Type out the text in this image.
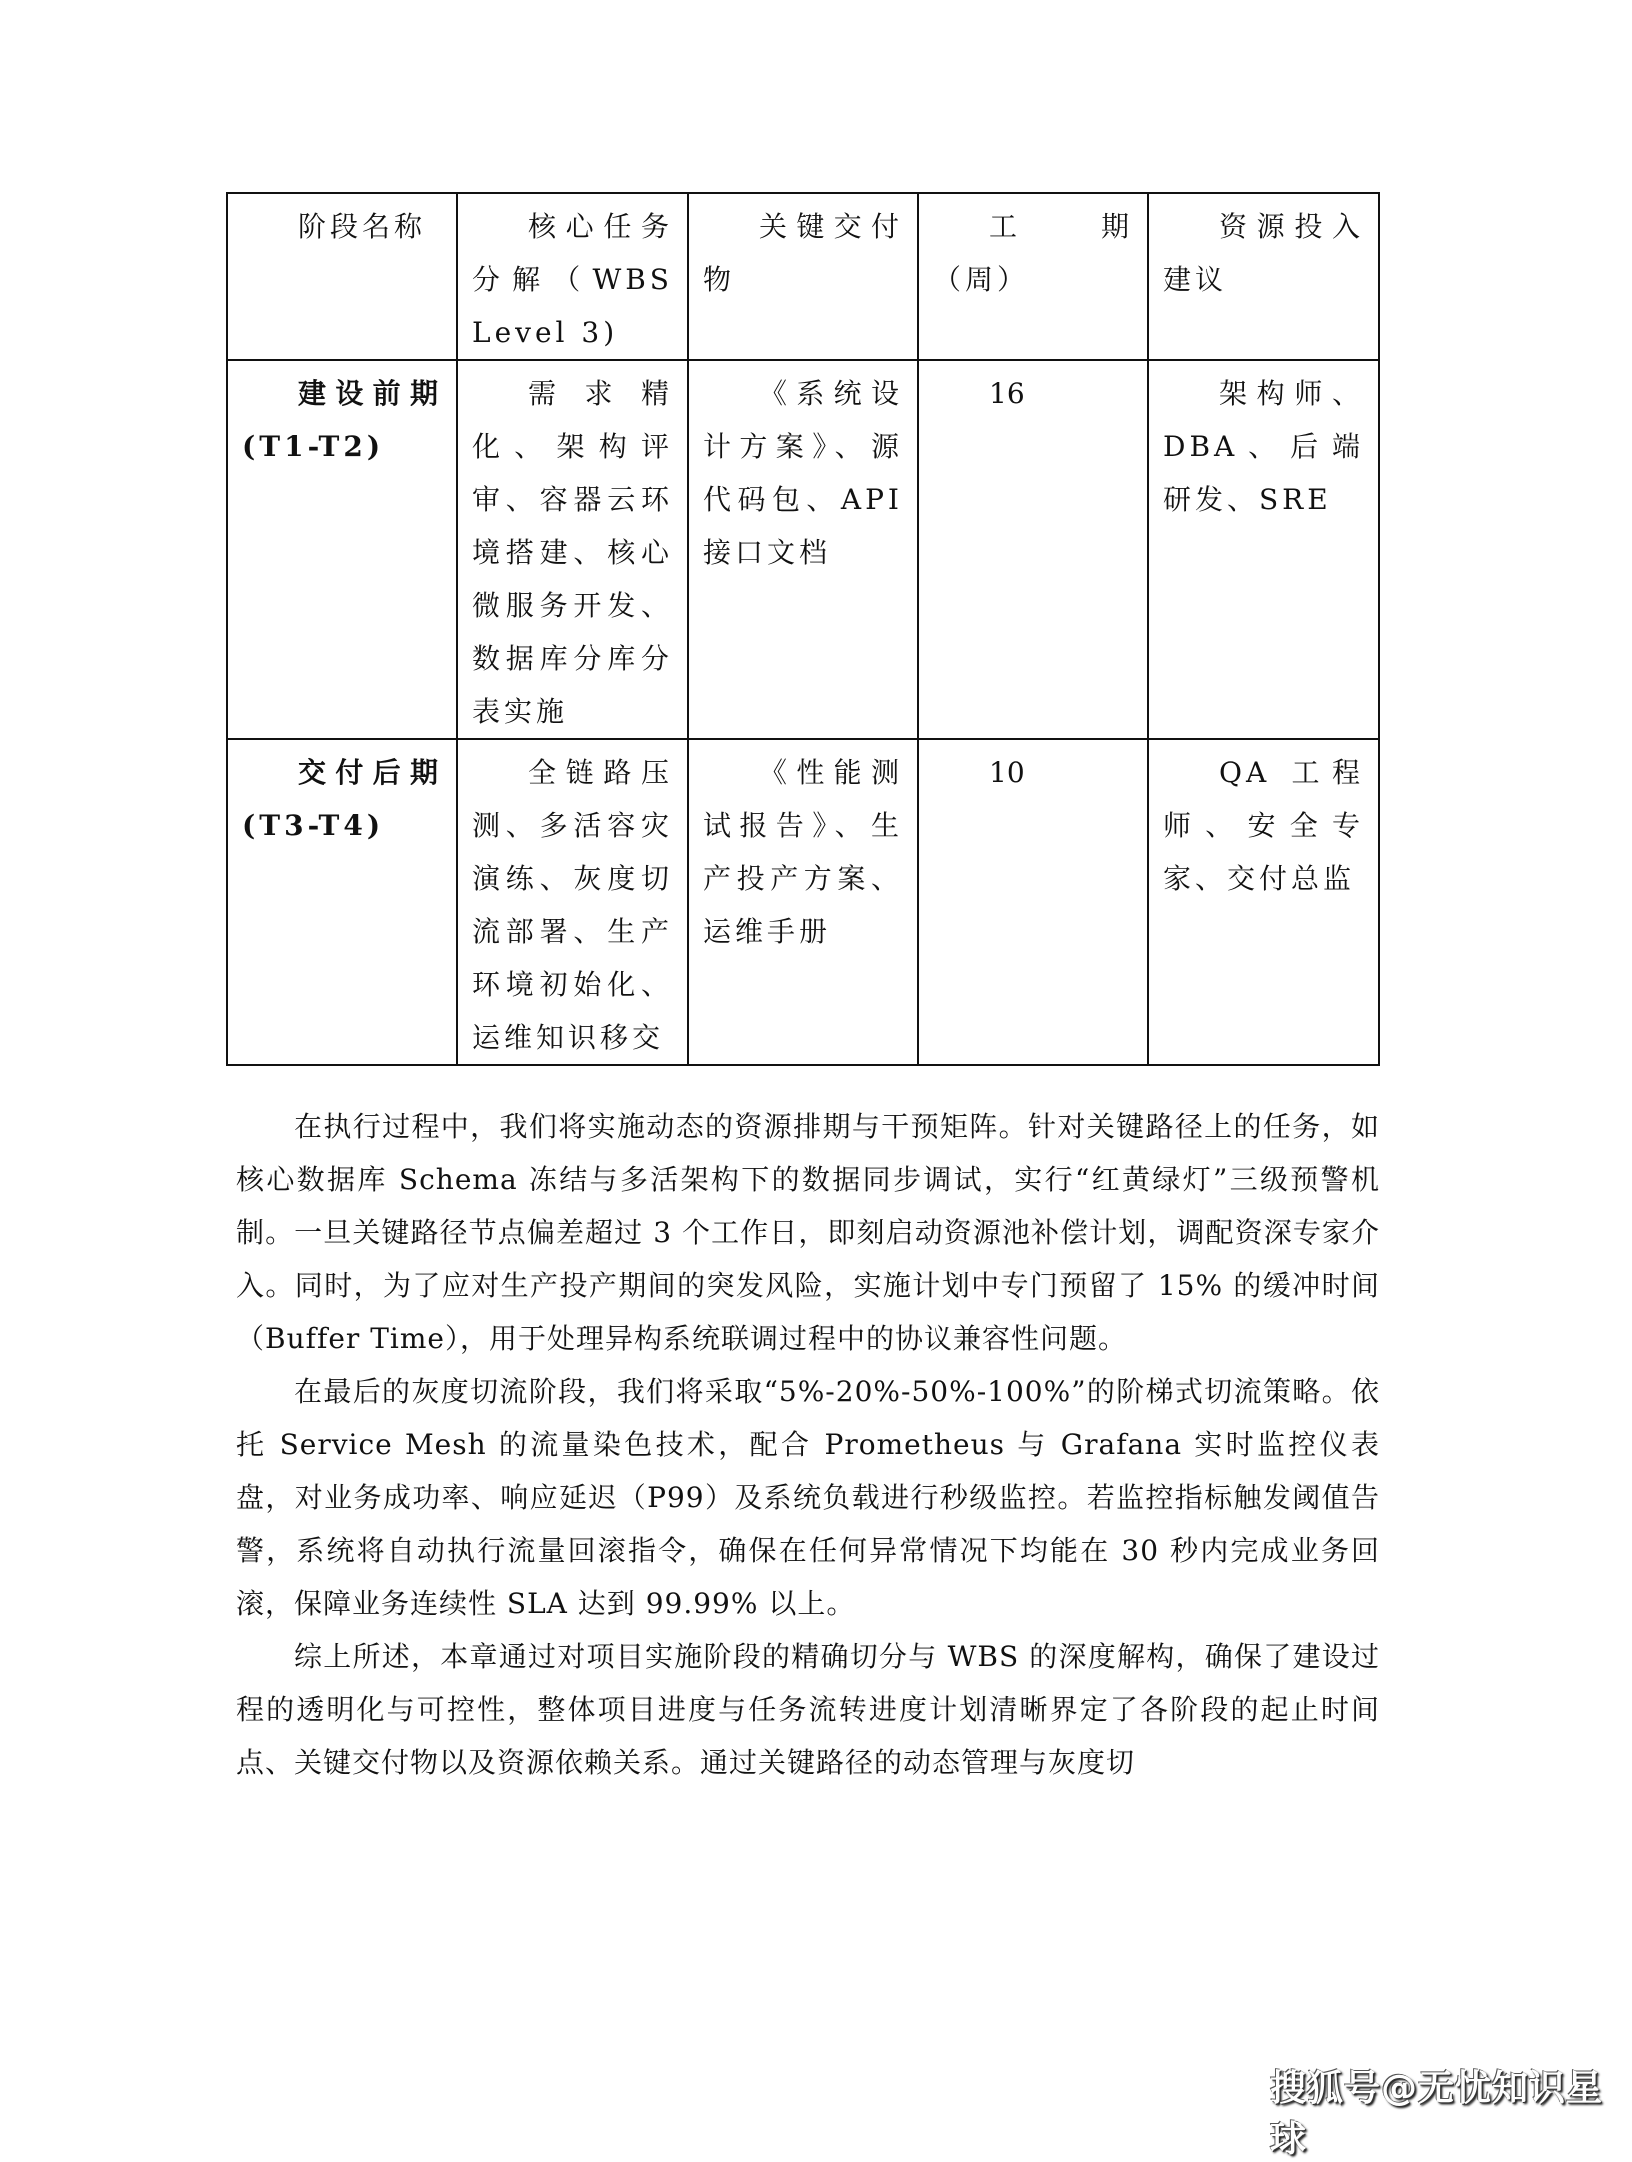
阶段名称	核心任务分解（WBS Level 3)	关键交付物	工期（周）	资源投入建议
建设前期(T1-T2)	需求精化、架构评审、容器云环境搭建、核心微服务开发、数据库分库分表实施	《系统设计方案》、源代码包、API接口文档	16	架构师、DBA、后端研发、SRE
交付后期(T3-T4)	全链路压测、多活容灾演练、灰度切流部署、生产环境初始化、运维知识移交	《性能测试报告》、生产投产方案、运维手册	10	QA 工程师、安全专家、交付总监

在执行过程中，我们将实施动态的资源排期与干预矩阵。针对关键路径上的任务，如核心数据库 Schema 冻结与多活架构下的数据同步调试，实行“红黄绿灯”三级预警机制。一旦关键路径节点偏差超过 3 个工作日，即刻启动资源池补偿计划，调配资深专家介入。同时，为了应对生产投产期间的突发风险，实施计划中专门预留了 15% 的缓冲时间（Buffer Time），用于处理异构系统联调过程中的协议兼容性问题。

在最后的灰度切流阶段，我们将采取“5%-20%-50%-100%”的阶梯式切流策略。依托 Service Mesh 的流量染色技术，配合 Prometheus 与 Grafana 实时监控仪表盘，对业务成功率、响应延迟（P99）及系统负载进行秒级监控。若监控指标触发阈值告警，系统将自动执行流量回滚指令，确保在任何异常情况下均能在 30 秒内完成业务回滚，保障业务连续性 SLA 达到 99.99% 以上。

综上所述，本章通过对项目实施阶段的精确切分与 WBS 的深度解构，确保了建设过程的透明化与可控性，整体项目进度与任务流转进度计划清晰界定了各阶段的起止时间点、关键交付物以及资源依赖关系。通过关键路径的动态管理与灰度切

搜狐号@无忧知识星球
